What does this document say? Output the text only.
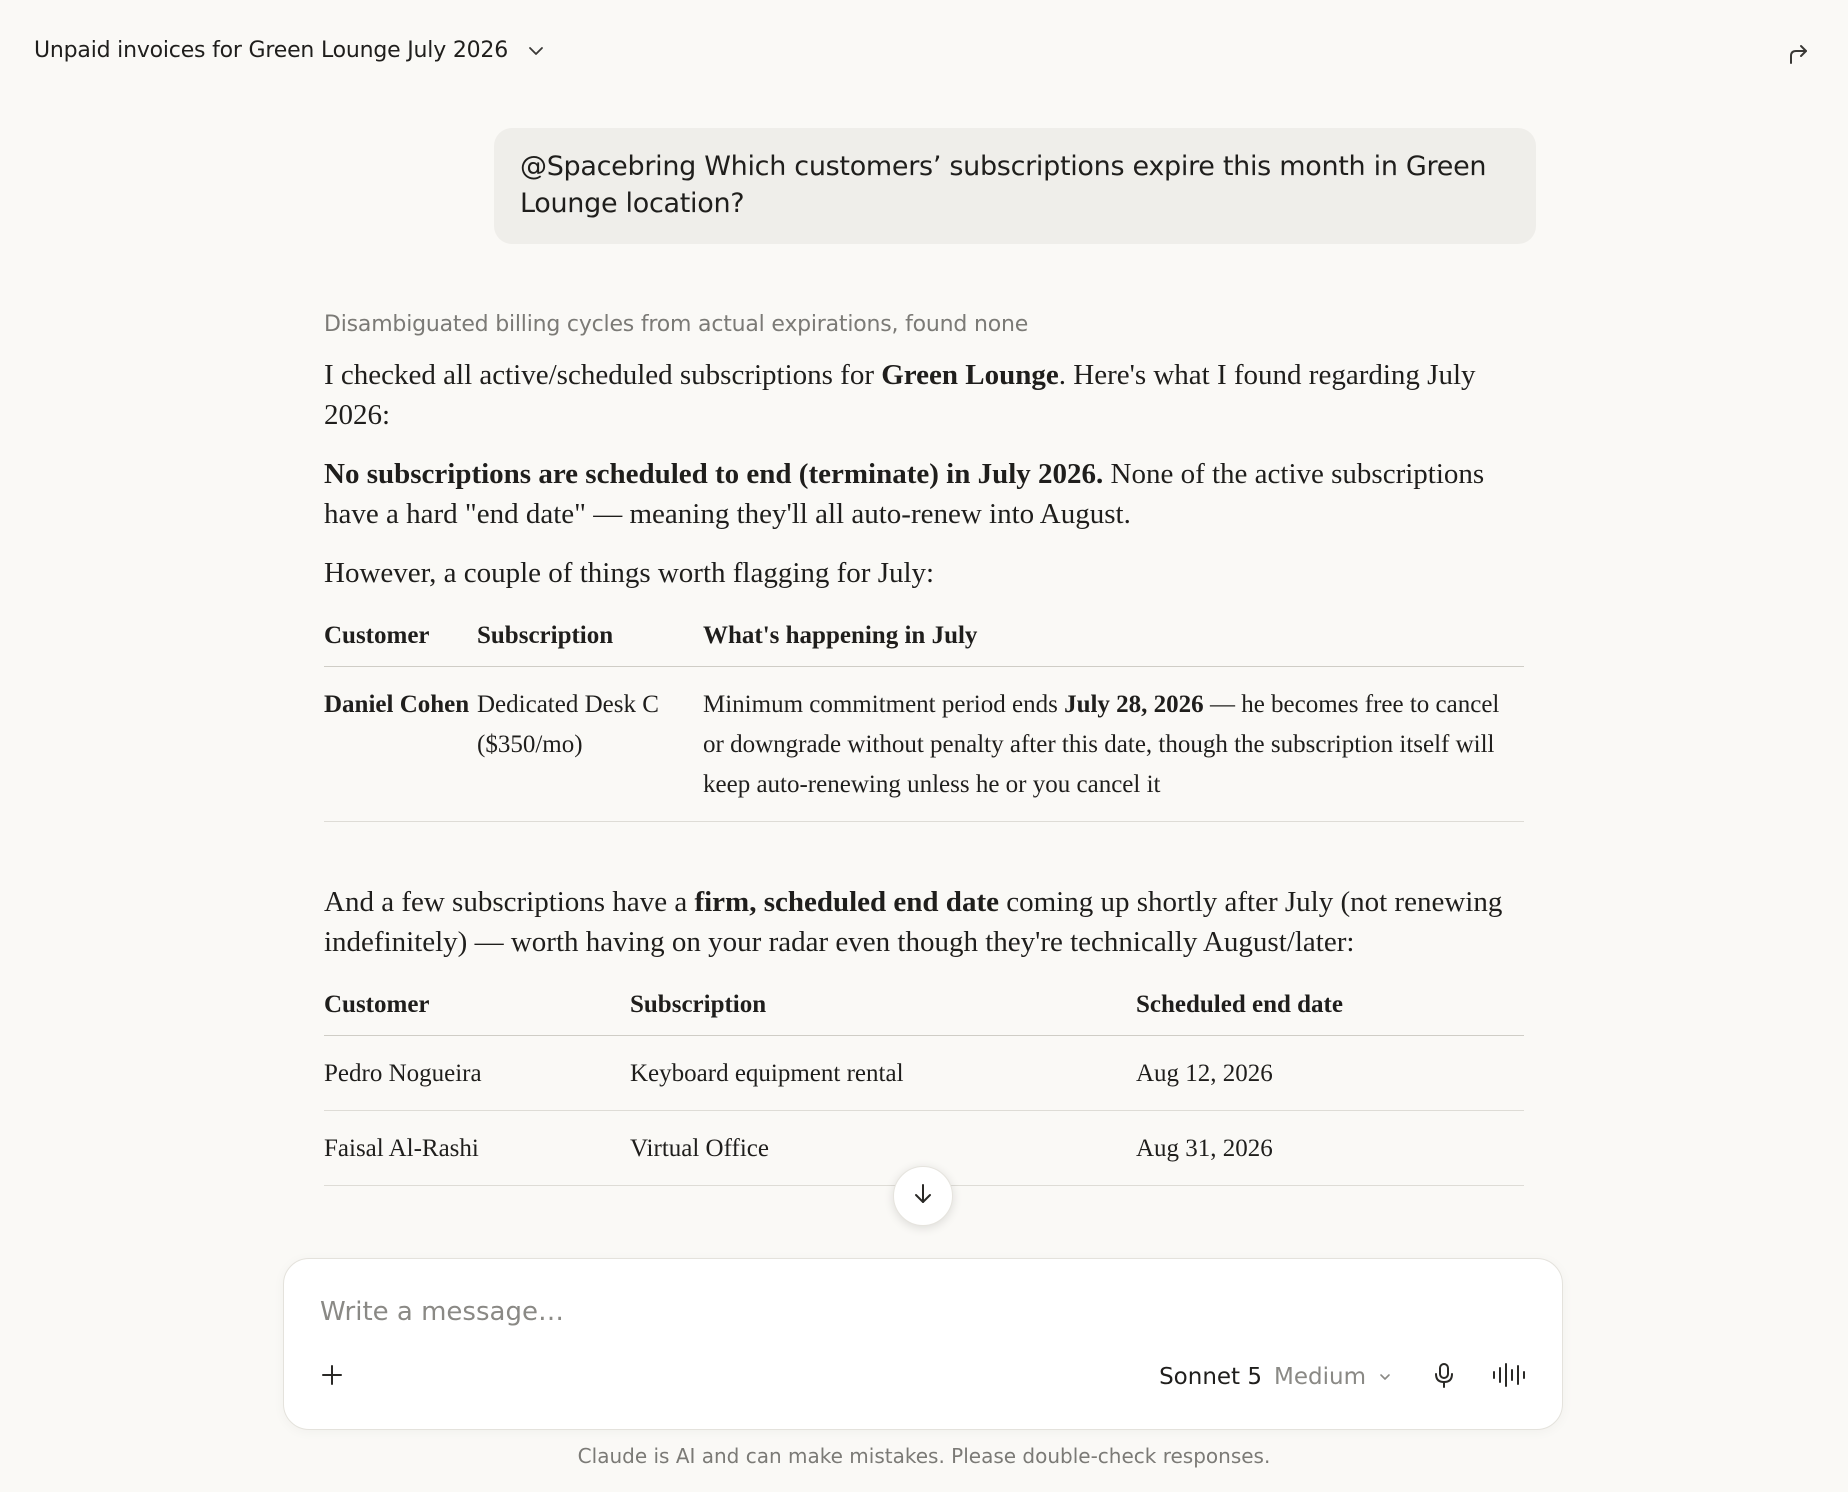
Unpaid invoices for Green Lounge July 2026
@Spacebring Which customers’ subscriptions expire this month in Green Lounge location?
Disambiguated billing cycles from actual expirations, found none

I checked all active/scheduled subscriptions for Green Lounge. Here's what I found regarding July 2026:

No subscriptions are scheduled to end (terminate) in July 2026. None of the active subscriptions have a hard "end date" — meaning they'll all auto-renew into August.

However, a couple of things worth flagging for July:

Customer	Subscription	What's happening in July
Daniel Cohen	Dedicated Desk C ($350/mo)	Minimum commitment period ends July 28, 2026 — he becomes free to cancel or downgrade without penalty after this date, though the subscription itself will keep auto-renewing unless he or you cancel it

And a few subscriptions have a firm, scheduled end date coming up shortly after July (not renewing indefinitely) — worth having on your radar even though they're technically August/later:

Customer	Subscription	Scheduled end date
Pedro Nogueira	Keyboard equipment rental	Aug 12, 2026
Faisal Al-Rashi	Virtual Office	Aug 31, 2026
Write a message…
Sonnet 5 Medium
Claude is AI and can make mistakes. Please double-check responses.
